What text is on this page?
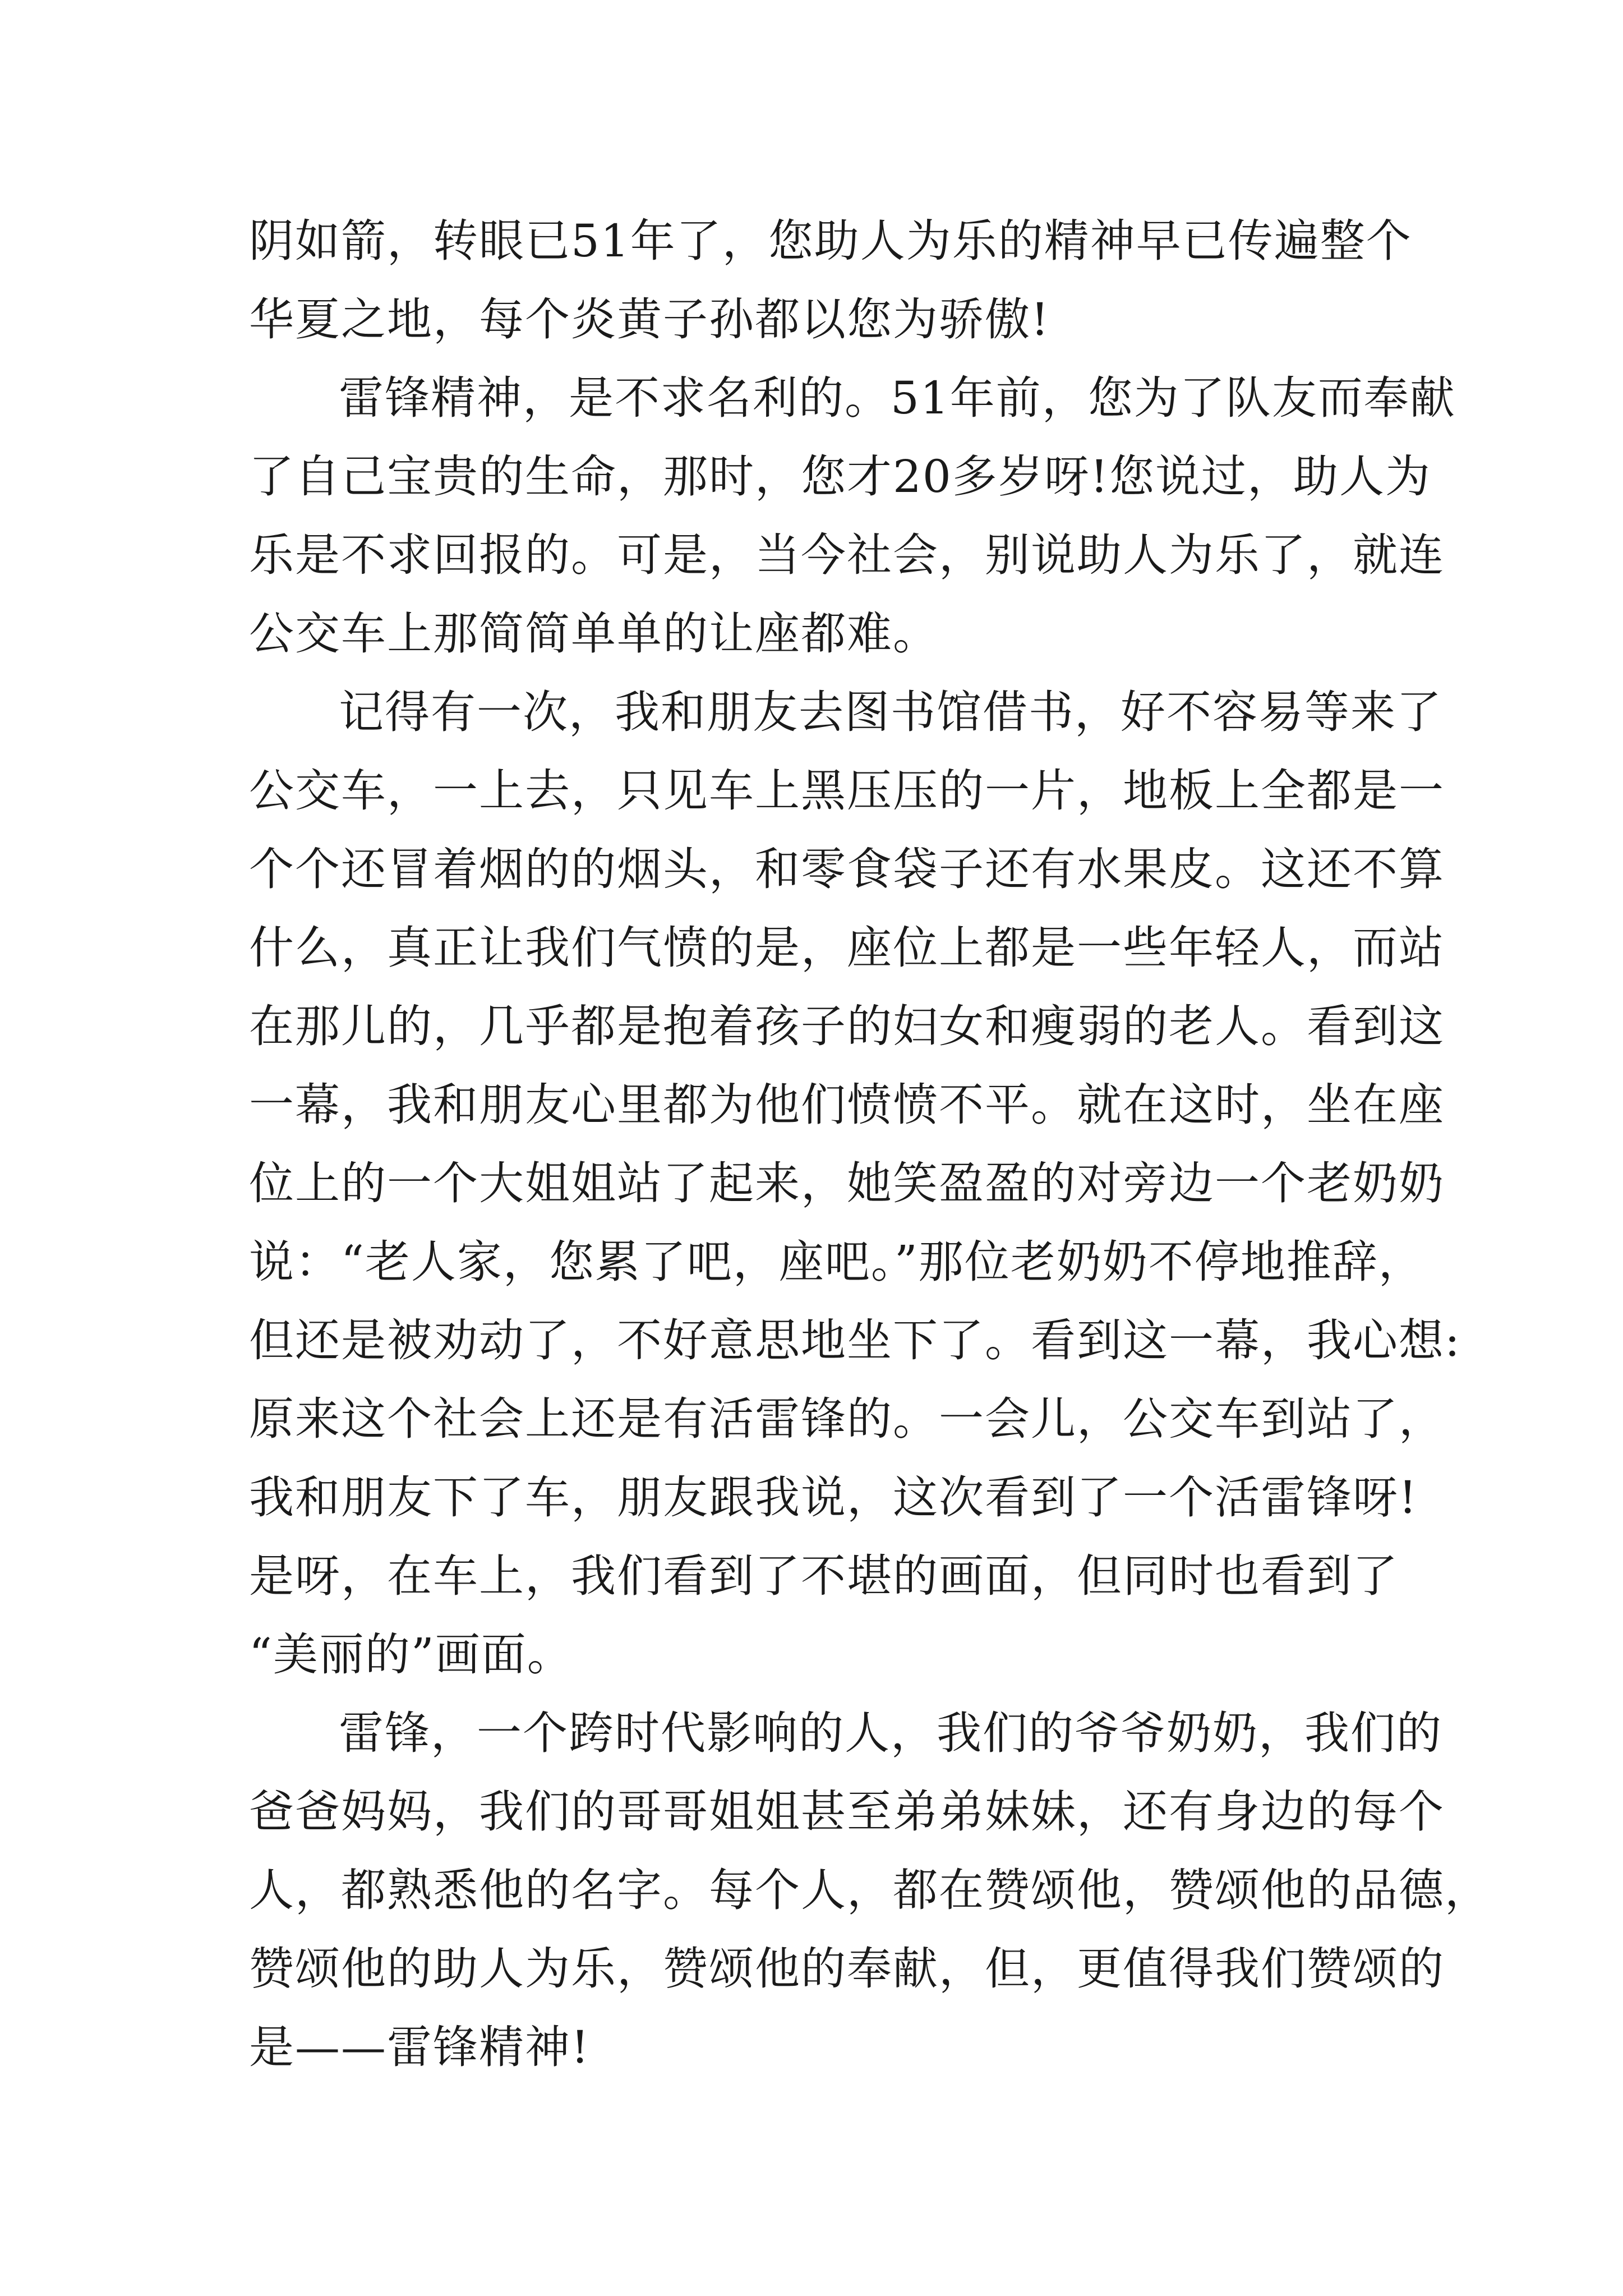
阴如箭，转眼已51年了，您助人为乐的精神早已传遍整个
华夏之地，每个炎黄子孙都以您为骄傲!
雷锋精神，是不求名利的。51年前，您为了队友而奉献
了自己宝贵的生命，那时，您才20多岁呀!您说过，助人为
乐是不求回报的。可是，当今社会，别说助人为乐了，就连
公交车上那简简单单的让座都难。
记得有一次，我和朋友去图书馆借书，好不容易等来了
公交车，一上去，只见车上黑压压的一片，地板上全都是一
个个还冒着烟的的烟头，和零食袋子还有水果皮。这还不算
什么，真正让我们气愤的是，座位上都是一些年轻人，而站
在那儿的，几乎都是抱着孩子的妇女和瘦弱的老人。看到这
一幕，我和朋友心里都为他们愤愤不平。就在这时，坐在座
位上的一个大姐姐站了起来，她笑盈盈的对旁边一个老奶奶
说：“老人家，您累了吧，座吧。”那位老奶奶不停地推辞，
但还是被劝动了，不好意思地坐下了。看到这一幕，我心想:
原来这个社会上还是有活雷锋的。一会儿，公交车到站了，
我和朋友下了车，朋友跟我说，这次看到了一个活雷锋呀!
是呀，在车上，我们看到了不堪的画面，但同时也看到了
“美丽的”画面。
雷锋，一个跨时代影响的人，我们的爷爷奶奶，我们的
爸爸妈妈，我们的哥哥姐姐甚至弟弟妹妹，还有身边的每个
人，都熟悉他的名字。每个人，都在赞颂他，赞颂他的品德，
赞颂他的助人为乐，赞颂他的奉献，但，更值得我们赞颂的
是——雷锋精神!
